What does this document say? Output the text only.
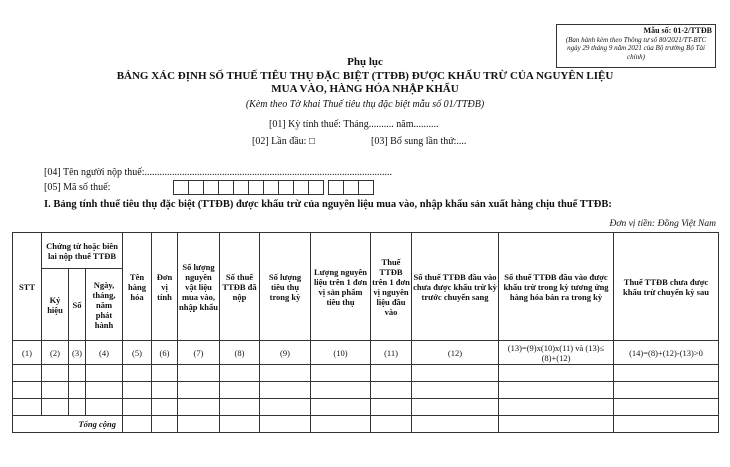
Mẫu số: 01-2/TTĐB
(Ban hành kèm theo Thông tư số 80/2021/TT-BTC ngày 29 tháng 9 năm 2021 của Bộ trưởng Bộ Tài chính)
Phụ lục
BẢNG XÁC ĐỊNH SỐ THUẾ TIÊU THỤ ĐẶC BIỆT (TTĐB) ĐƯỢC KHẤU TRỪ CỦA NGUYÊN LIỆU
MUA VÀO, HÀNG HÓA NHẬP KHẨU
(Kèm theo Tờ khai Thuế tiêu thụ đặc biệt mẫu số 01/TTĐB)
[01] Kỳ tính thuế: Tháng.......... năm..........
[02] Lần đầu: □	[03] Bổ sung lần thứ:....
[04] Tên người nộp thuế:...................................................................................................
[05] Mã số thuế:
I. Bảng tính thuế tiêu thụ đặc biệt (TTĐB) được khấu trừ của nguyên liệu mua vào, nhập khẩu sản xuất hàng chịu thuế TTĐB:
Đơn vị tiền: Đồng Việt Nam
STT	Chứng từ hoặc biên lai nộp thuế TTĐB			Tên hàng hóa	Đơn vị tính	Số lượng nguyên vật liệu mua vào, nhập khẩu	Số thuế TTĐB đã nộp	Số lượng tiêu thụ trong kỳ	Lượng nguyên liệu trên 1 đơn vị sản phẩm tiêu thụ	Thuế TTĐB trên 1 đơn vị nguyên liệu đầu vào	Số thuế TTĐB đầu vào chưa được khấu trừ kỳ trước chuyển sang	Số thuế TTĐB đầu vào được khấu trừ trong kỳ tương ứng hàng hóa bán ra trong kỳ	Thuế TTĐB chưa được khấu trừ chuyển kỳ sau
	Ký hiệu	Số	Ngày, tháng, năm phát hành										
(1)	(2)	(3)	(4)	(5)	(6)	(7)	(8)	(9)	(10)	(11)	(12)	(13)=(9)x(10)x(11) và (13)≤ (8)+(12)	(14)=(8)+(12)-(13)>0

Tổng cộng													
